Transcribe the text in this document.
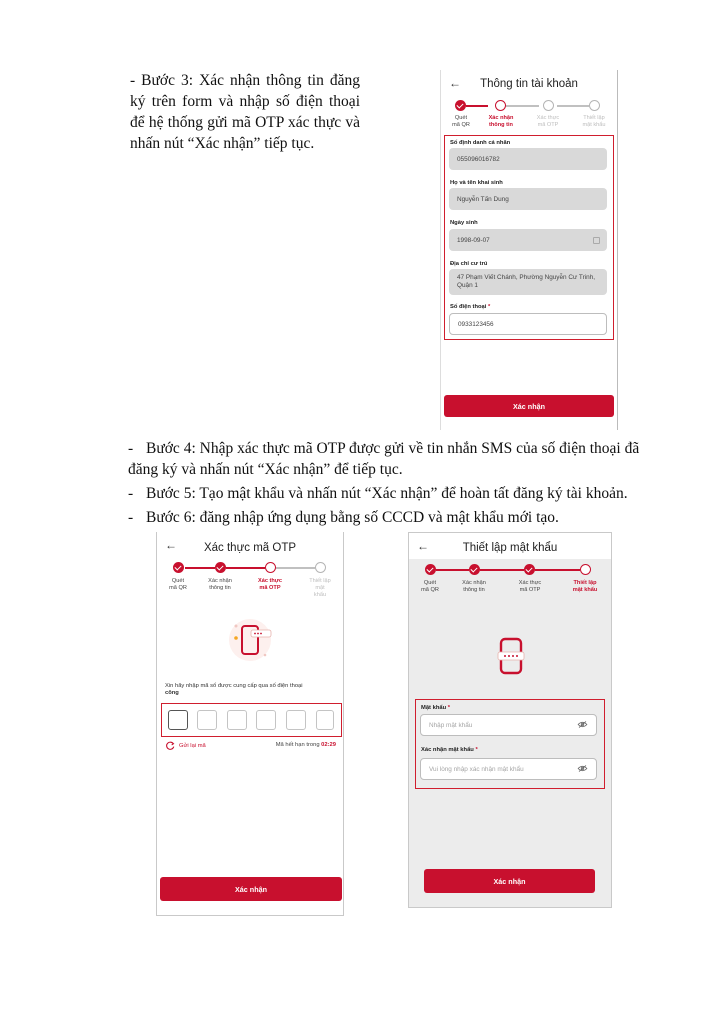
- Bước 3: Xác nhận thông tin đăng
ký trên form và nhập số điện thoại
để hệ thống gửi mã OTP xác thực và
nhấn nút “Xác nhận” tiếp tục.
- Bước 4: Nhập xác thực mã OTP được gửi về tin nhắn SMS của số điện thoại đã
đăng ký và nhấn nút “Xác nhận” để tiếp tục.
- Bước 5: Tạo mật khẩu và nhấn nút “Xác nhận” để hoàn tất đăng ký tài khoản.
- Bước 6: đăng nhập ứng dụng bằng số CCCD và mật khẩu mới tạo.
←	Thông tin tài khoản
Quét
mã QR
Xác nhận
thông tin
Xác thực
mã OTP
Thiết lập
mật khẩu
Số định danh cá nhân
055096016782
Họ và tên khai sinh
Nguyễn Tấn Dung
Ngày sinh
1998-09-07
Địa chỉ cư trú
47 Phạm Viết Chánh, Phường Nguyễn Cư Trinh, Quận 1
Số điện thoại *
0933123456
Xác nhận
←	Xác thực mã OTP
Quét
mã QR
Xác nhận
thông tin
Xác thực
mã OTP
Thiết lập
mật
khẩu
Xin hãy nhập mã số được cung cấp qua số điện thoại
công
Gửi lại mã	Mã hết hạn trong 02:29
Xác nhận
←	Thiết lập mật khẩu
Quét
mã QR
Xác nhận
thông tin
Xác thực
mã OTP
Thiết lập
mật khẩu
Mật khẩu *
Nhập mật khẩu
Xác nhận mật khẩu *
Vui lòng nhập xác nhận mật khẩu
Xác nhận
